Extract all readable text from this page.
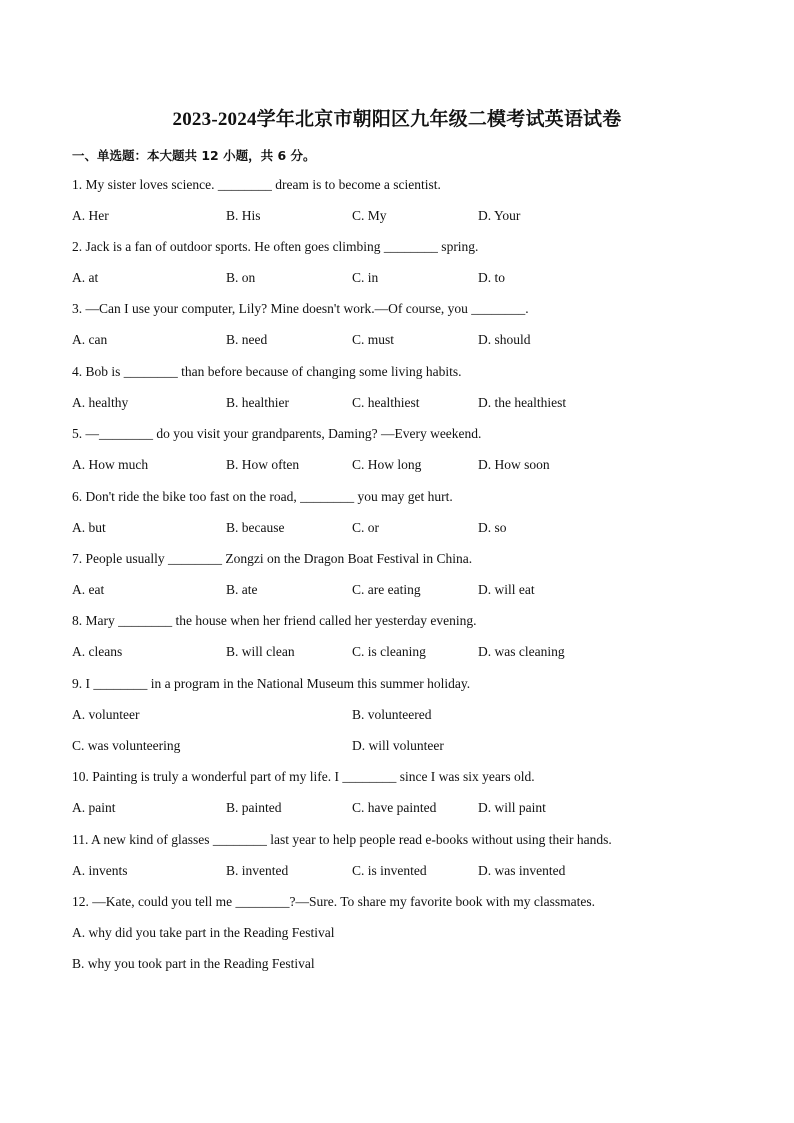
2023-2024学年北京市朝阳区九年级二模考试英语试卷
一、单选题：本大题共 12 小题，共 6 分。
1. My sister loves science. ________ dream is to become a scientist.
A. Her	B. His	C. My	D. Your
2. Jack is a fan of outdoor sports. He often goes climbing ________ spring.
A. at	B. on	C. in	D. to
3. —Can I use your computer, Lily? Mine doesn't work.—Of course, you ________.
A. can	B. need	C. must	D. should
4. Bob is ________ than before because of changing some living habits.
A. healthy	B. healthier	C. healthiest	D. the healthiest
5. —________ do you visit your grandparents, Daming? —Every weekend.
A. How much	B. How often	C. How long	D. How soon
6. Don't ride the bike too fast on the road, ________ you may get hurt.
A. but	B. because	C. or	D. so
7. People usually ________ Zongzi on the Dragon Boat Festival in China.
A. eat	B. ate	C. are eating	D. will eat
8. Mary ________ the house when her friend called her yesterday evening.
A. cleans	B. will clean	C. is cleaning	D. was cleaning
9. I ________ in a program in the National Museum this summer holiday.
A. volunteer	B. volunteered
C. was volunteering	D. will volunteer
10. Painting is truly a wonderful part of my life. I ________ since I was six years old.
A. paint	B. painted	C. have painted	D. will paint
11. A new kind of glasses ________ last year to help people read e-books without using their hands.
A. invents	B. invented	C. is invented	D. was invented
12. —Kate, could you tell me ________?—Sure. To share my favorite book with my classmates.
A. why did you take part in the Reading Festival
B. why you took part in the Reading Festival
